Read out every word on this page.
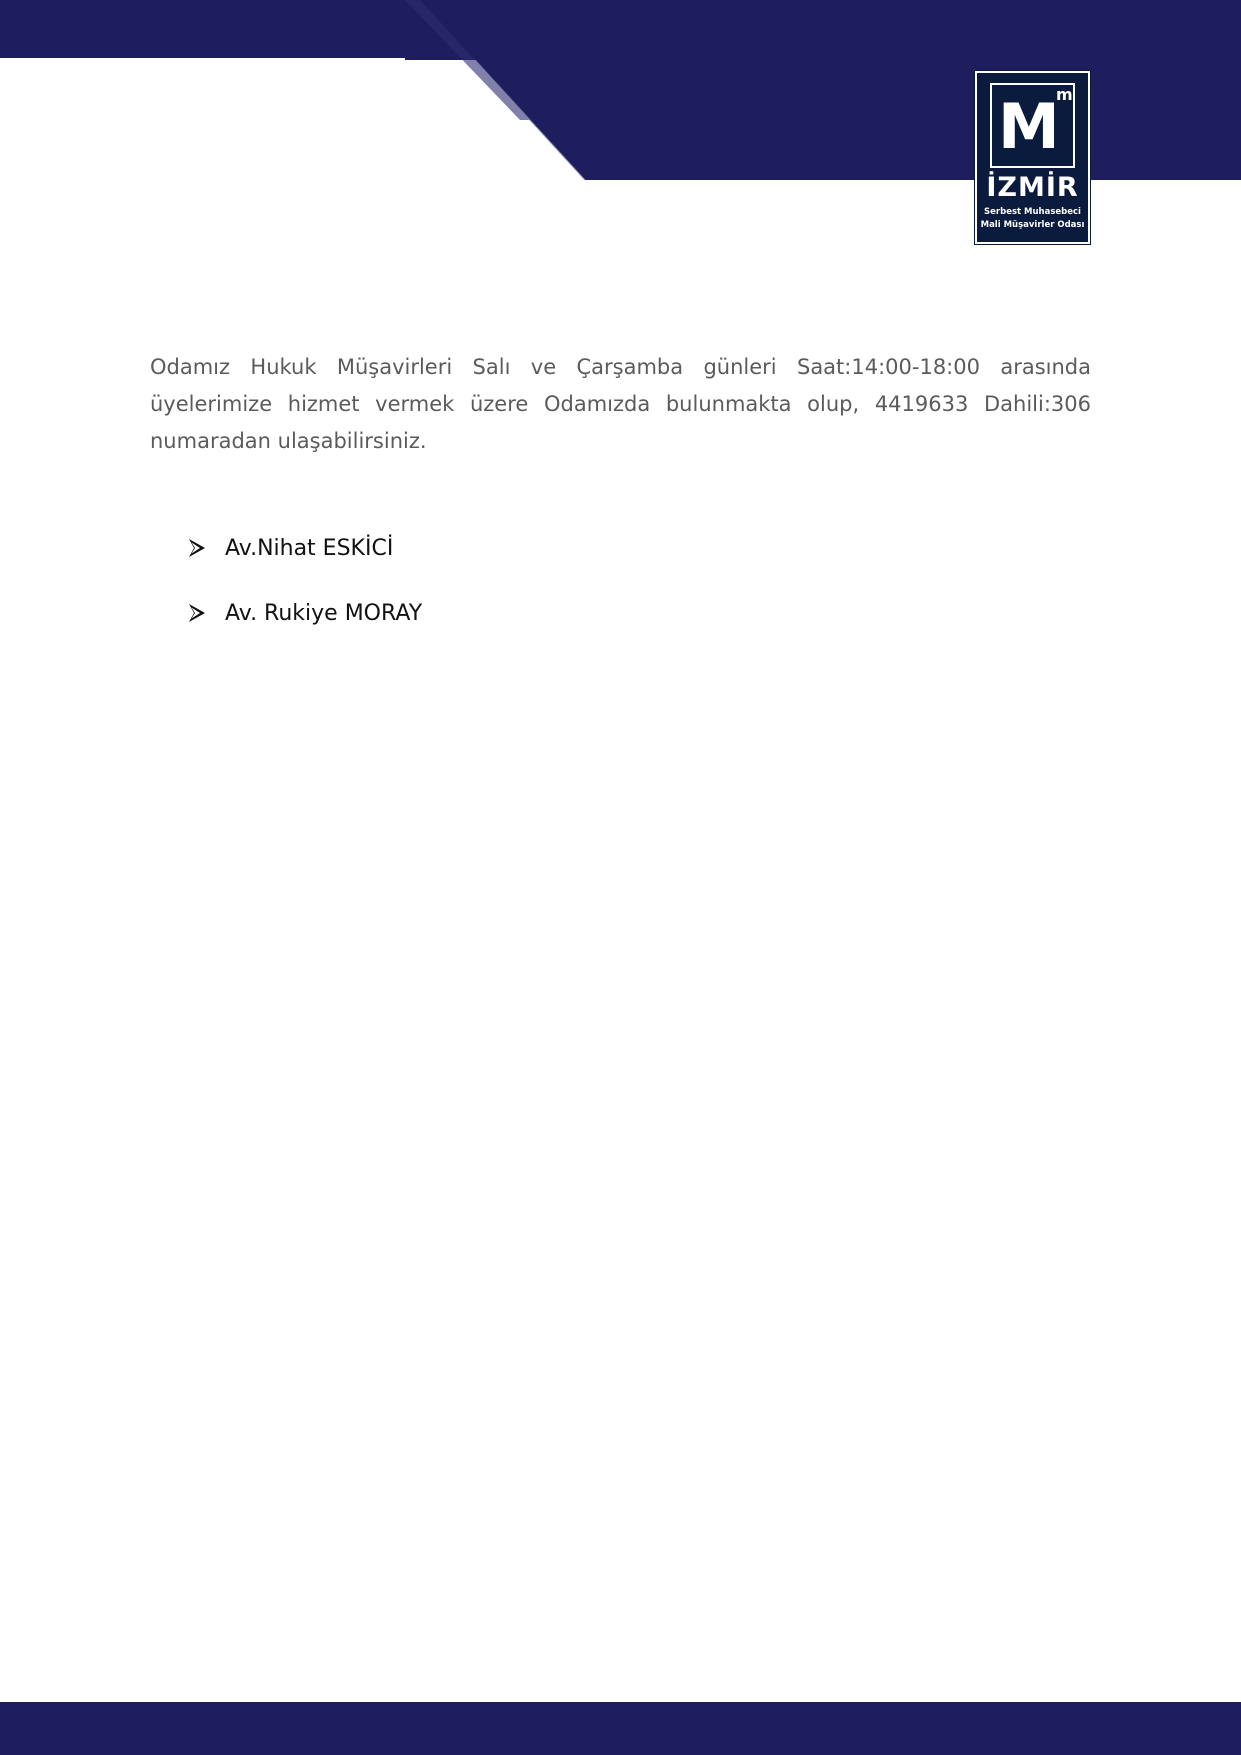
M
m
İZMİR
Serbest Muhasebeci
Mali Müşavirler Odası

Odamız Hukuk Müşavirleri Salı ve Çarşamba günleri Saat:14:00-18:00 arasında üyelerimize hizmet vermek üzere Odamızda bulunmakta olup, 4419633 Dahili:306 numaradan ulaşabilirsiniz.

Av.Nihat ESKİCİ
Av. Rukiye MORAY
